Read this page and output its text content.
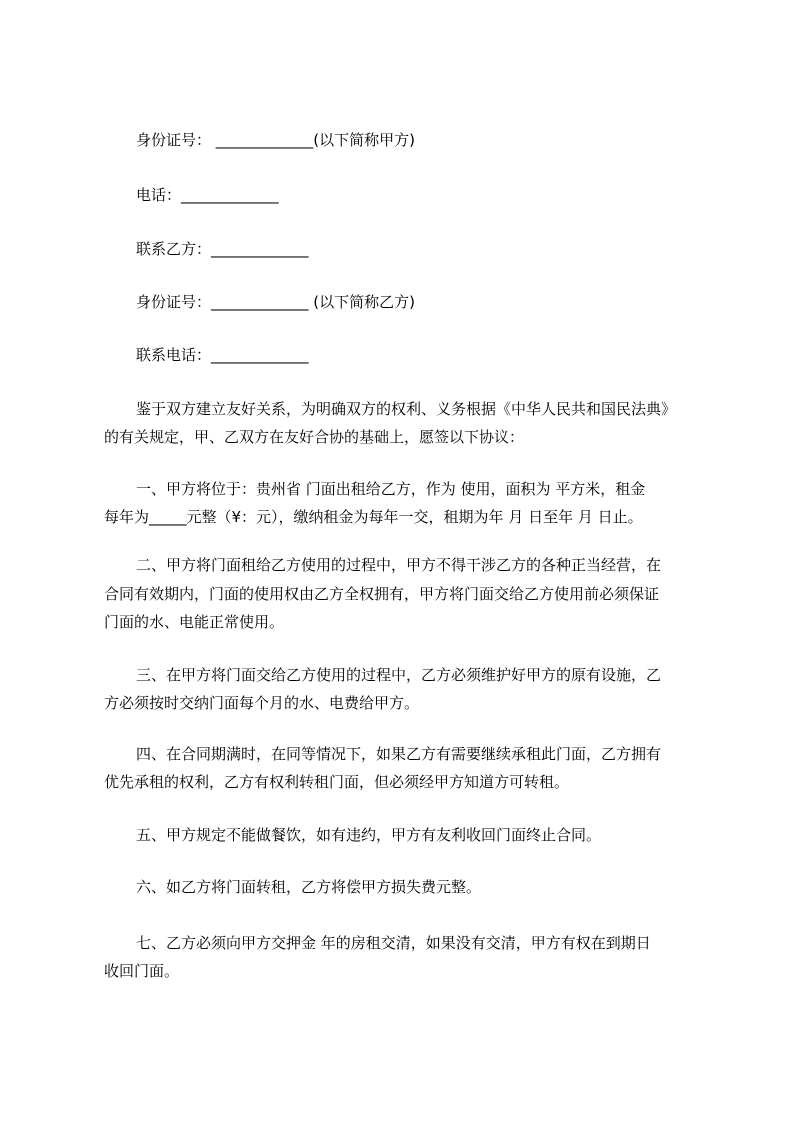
身份证号： _____________(以下简称甲方)
电话：_____________
联系乙方：_____________
身份证号：_____________ (以下简称乙方)
联系电话：_____________
鉴于双方建立友好关系，为明确双方的权利、义务根据《中华人民共和国民法典》
的有关规定，甲、乙双方在友好合协的基础上，愿签以下协议：
一、甲方将位于：贵州省 门面出租给乙方，作为 使用，面积为 平方米，租金
每年为_____元整（¥：元），缴纳租金为每年一交，租期为年 月 日至年 月 日止。
二、甲方将门面租给乙方使用的过程中，甲方不得干涉乙方的各种正当经营，在
合同有效期内，门面的使用权由乙方全权拥有，甲方将门面交给乙方使用前必须保证
门面的水、电能正常使用。
三、在甲方将门面交给乙方使用的过程中，乙方必须维护好甲方的原有设施，乙
方必须按时交纳门面每个月的水、电费给甲方。
四、在合同期满时，在同等情况下，如果乙方有需要继续承租此门面，乙方拥有
优先承租的权利，乙方有权利转租门面，但必须经甲方知道方可转租。
五、甲方规定不能做餐饮，如有违约，甲方有友利收回门面终止合同。
六、如乙方将门面转租，乙方将偿甲方损失费元整。
七、乙方必须向甲方交押金 年的房租交清，如果没有交清，甲方有权在到期日
收回门面。
